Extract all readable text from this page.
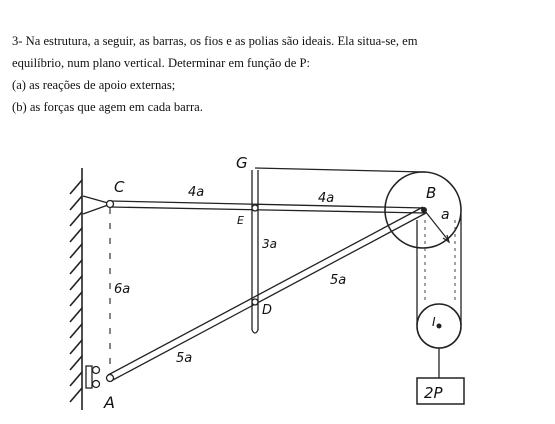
3- Na estrutura, a seguir, as barras, os fios e as polias são ideais. Ela situa-se, em

equilíbrio, num plano vertical. Determinar em função de P:

(a) as reações de apoio externas;

(b) as forças que agem em cada barra.

C
G
B
E
D
A
I
a
4a	4a
3a
6a
5a
5a
2P
